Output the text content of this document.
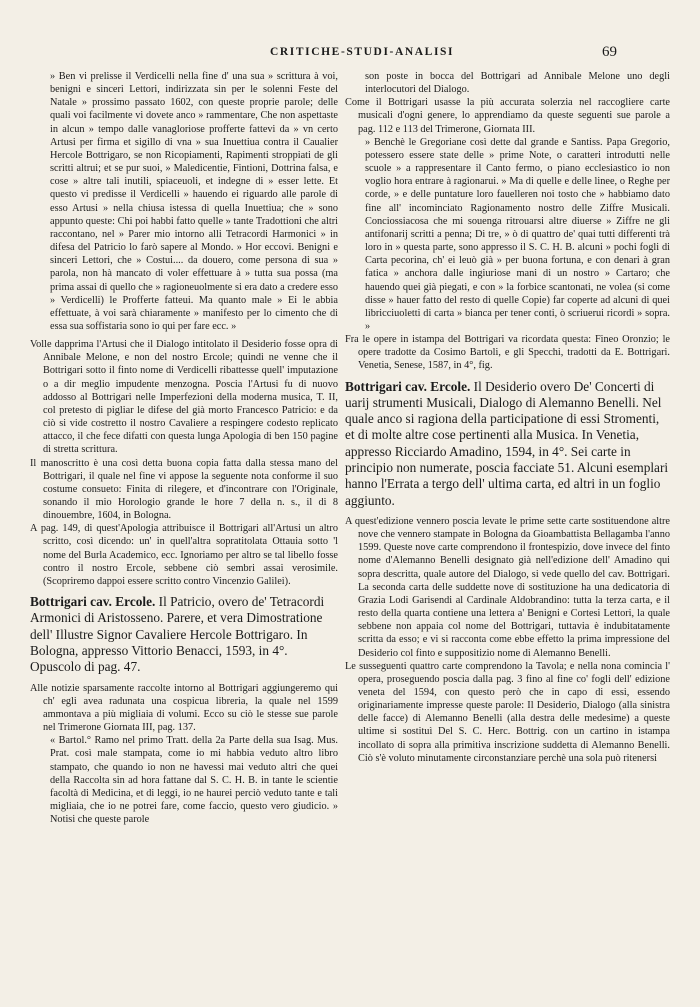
CRITICHE-STUDI-ANALISI	69

» Ben vi prelisse il Verdicelli nella fine d' una sua » scrittura à voi, benigni e sinceri Lettori, indirizzata sin per le solenni Feste del Natale » prossimo passato 1602, con queste proprie parole; delle quali voi facilmente vi dovete anco » rammentare, Che non aspettaste in alcun » tempo dalle vanagloriose profferte fattevi da » vn certo Artusi per firma et sigillo di vna » sua Inuettiua contra il Caualier Hercole Bottrigaro, se non Ricopiamenti, Rapimenti stroppiati de gli scritti altrui; et se pur suoi, » Maledicentie, Fintioni, Dottrina falsa, e cose » altre tali inutili, spiaceuoli, et indegne di » esser lette. Et questo vi predisse il Verdicelli » hauendo ei riguardo alle parole di esso Artusi » nella chiusa istessa di quella Inuettiua; che » sono appunto queste: Chi poi habbi fatto quelle » tante Tradottioni che altri raccontano, nel » Parer mio intorno alli Tetracordi Harmonici » in difesa del Patricio lo farò sapere al Mondo. » Hor eccovi. Benigni e sinceri Lettori, che » Costui.... da douero, come persona di sua » parola, non hà mancato di voler effettuare à » tutta sua possa (ma prima assai di quello che » ragioneuolmente si era dato a credere esso » Verdicelli) le Profferte fatteui. Ma quanto male » Ei le abbia effettuate, à voi sarà chiaramente » manifesto per lo cimento che di essa sua soffistaria sono io qui per fare ecc. »

Volle dapprima l'Artusi che il Dialogo intitolato il Desiderio fosse opra di Annibale Melone, e non del nostro Ercole; quindi ne venne che il Bottrigari sotto il finto nome di Verdicelli ribattesse quell' imputazione o a dir meglio impudente menzogna. Poscia l'Artusi fu di nuovo addosso al Bottrigari nelle Imperfezioni della moderna musica, T. II, col pretesto di pigliar le difese del già morto Francesco Patricio: e da ciò si vide costretto il nostro Cavaliere a respingere codesto replicato attacco, il che fece difatti con questa lunga Apologia di ben 150 pagine di stretta scrittura.

Il manoscritto è una così detta buona copia fatta dalla stessa mano del Bottrigari, il quale nel fine vi appose la seguente nota conforme il suo costume consueto: Finita di rilegere, et d'incontrare con l'Originale, sonando il mio Horologio grande le hore 7 della n. s., il di 8 dinouembre, 1604, in Bologna.

A pag. 149, di quest'Apologia attribuisce il Bottrigari all'Artusi un altro scritto, così dicendo: un' in quell'altra sopratitolata Ottauia sotto 'l nome del Burla Academico, ecc. Ignoriamo per altro se tal libello fosse contro il nostro Ercole, sebbene ciò sembri assai verosimile. (Scopriremo dappoi essere scritto contro Vincenzio Galilei).

Bottrigari cav. Ercole. Il Patricio, overo de' Tetracordi Armonici di Aristosseno. Parere, et vera Dimostratione dell' Illustre Signor Cavaliere Hercole Bottrigaro. In Bologna, appresso Vittorio Benacci, 1593, in 4°. Opuscolo di pag. 47.

Alle notizie sparsamente raccolte intorno al Bottrigari aggiungeremo qui ch' egli avea radunata una cospicua libreria, la quale nel 1599 ammontava a più migliaia di volumi. Ecco su ciò le stesse sue parole nel Trimerone Giornata III, pag. 137.

« Bartol.° Ramo nel primo Tratt. della 2a Parte della sua Isag. Mus. Prat. così male stampata, come io mi habbia veduto altro libro stampato, che quando io non ne havessi mai veduto altri che quei della Raccolta sin ad hora fattane dal S. C. H. B. in tante le scientie facoltà di Medicina, et di leggi, io ne haurei perciò veduto tante e tali migliaia, che io ne potrei fare, come faccio, questo vero giudicio. » Notisi che queste parole

son poste in bocca del Bottrigari ad Annibale Melone uno degli interlocutori del Dialogo.

Come il Bottrigari usasse la più accurata solerzia nel raccogliere carte musicali d'ogni genere, lo apprendiamo da queste seguenti sue parole a pag. 112 e 113 del Trimerone, Giornata III.

» Benchè le Gregoriane così dette dal grande e Santiss. Papa Gregorio, potessero essere state delle » prime Note, o caratteri introdutti nelle scuole » a rappresentare il Canto fermo, o piano ecclesiastico io non voglio hora entrare à ragionarui. » Ma di quelle e delle linee, o Reghe per corde, » e delle puntature loro fauelleren noi tosto che » habbiamo dato fine all' incominciato Ragionamento nostro delle Ziffre Musicali. Conciossiacosa che mi souenga ritrouarsi altre diuerse » Ziffre ne gli antifonarij scritti a penna; Di tre, » ò di quattro de' quai tutti differenti trà loro in » questa parte, sono appresso il S. C. H. B. alcuni » pochi fogli di Carta pecorina, ch' ei leuò già » per buona fortuna, e con denari à gran fatica » anchora dalle ingiuriose mani di un nostro » Cartaro; che hauendo quei già piegati, e con » la forbice scantonati, ne volea (si come disse » hauer fatto del resto di quelle Copie) far coperte ad alcuni di quei libricciuoletti di carta » bianca per tener conti, ò scriuerui ricordi » sopra. »

Fra le opere in istampa del Bottrigari va ricordata questa: Fineo Oronzio; le opere tradotte da Cosimo Bartoli, e gli Specchi, tradotti da E. Bottrigari. Venetia, Senese, 1587, in 4°, fig.

Bottrigari cav. Ercole. Il Desiderio overo De' Concerti di uarij strumenti Musicali, Dialogo di Alemanno Benelli. Nel quale anco si ragiona della participatione di essi Stromenti, et di molte altre cose pertinenti alla Musica. In Venetia, appresso Ricciardo Amadino, 1594, in 4°. Sei carte in principio non numerate, poscia facciate 51. Alcuni esemplari hanno l'Errata a tergo dell' ultima carta, ed altri in un foglio aggiunto.

A quest'edizione vennero poscia levate le prime sette carte sostituendone altre nove che vennero stampate in Bologna da Gioambattista Bellagamba l'anno 1599. Queste nove carte comprendono il frontespizio, dove invece del finto nome d'Alemanno Benelli designato già nell'edizione dell' Amadino qui sopra descritta, quale autore del Dialogo, si vede quello del cav. Bottrigari. La seconda carta delle suddette nove di sostituzione ha una dedicatoria di Grazia Lodi Garisendi al Cardinale Aldobrandino: tutta la terza carta, e il resto della quarta contiene una lettera a' Benigni e Cortesi Lettori, la quale sebbene non appaia col nome del Bottrigari, tuttavia è indubitatamente scritta da esso; e vi si racconta come ebbe effetto la prima impressione del Desiderio col finto e suppositizio nome di Alemanno Benelli.

Le susseguenti quattro carte comprendono la Tavola; e nella nona comincia l' opera, proseguendo poscia dalla pag. 3 fino al fine co' fogli dell' edizione veneta del 1594, con questo però che in capo di essi, essendo originariamente impresse queste parole: Il Desiderio, Dialogo (alla sinistra delle facce) di Alemanno Benelli (alla destra delle medesime) a queste ultime si sostituì Del S. C. Herc. Bottrig. con un cartino in istampa incollato di sopra alla primitiva inscrizione suddetta di Alemanno Benelli. Ciò s'è voluto minutamente circonstanziare perchè una sola può ritenersi
